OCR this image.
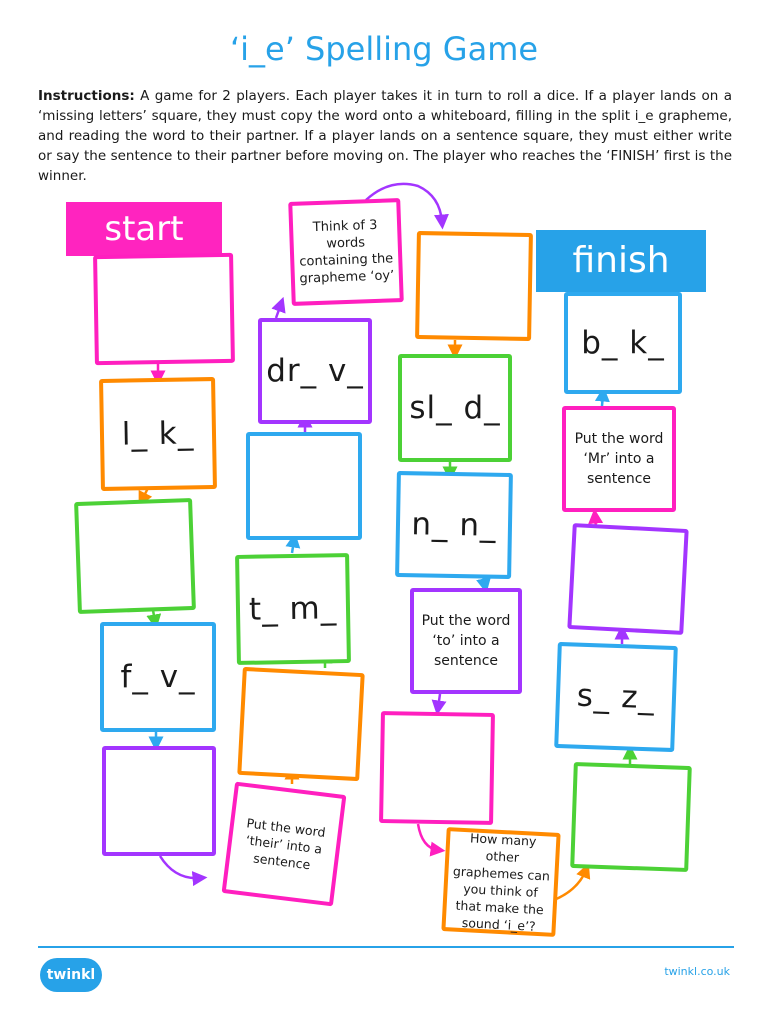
‘i_e’ Spelling Game
Instructions: A game for 2 players. Each player takes it in turn to roll a dice. If a player lands on a ‘missing letters’ square, they must copy the word onto a whiteboard, filling in the split i_e grapheme, and reading the word to their partner. If a player lands on a sentence square, they must either write or say the sentence to their partner before moving on. The player who reaches the ‘FINISH’ first is the winner.
start
finish
l_ k_
f_ v_
Put the word ‘their’ into a sentence
t_ m_
dr_ v_
Think of 3 words containing the grapheme ‘oy’
sl_ d_
n_ n_
Put the word ‘to’ into a sentence
How many other graphemes can you think of that make the sound ‘i_e’?
s_ z_
Put the word ‘Mr’ into a sentence
b_ k_
twinkl	twinkl.co.uk
